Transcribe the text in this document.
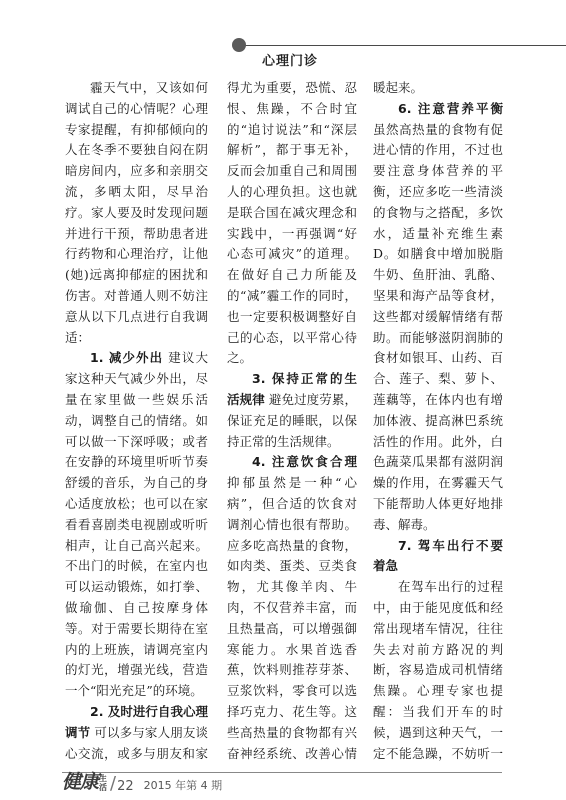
心理门诊

霾天气中，又该如何调试自己的心情呢？心理专家提醒，有抑郁倾向的人在冬季不要独自闷在阴暗房间内，应多和亲朋交流，多晒太阳，尽早治疗。家人要及时发现问题并进行干预，帮助患者进行药物和心理治疗，让他(她)远离抑郁症的困扰和伤害。对普通人则不妨注意从以下几点进行自我调适：

1. 减少外出 建议大家这种天气减少外出，尽量在家里做一些娱乐活动，调整自己的情绪。如可以做一下深呼吸；或者在安静的环境里听听节奏舒缓的音乐，为自己的身心适度放松；也可以在家看看喜剧类电视剧或听听相声，让自己高兴起来。不出门的时候，在室内也可以运动锻炼，如打拳、做瑜伽、自己按摩身体等。对于需要长期待在室内的上班族，请调亮室内的灯光，增强光线，营造一个“阳光充足”的环境。

2. 及时进行自我心理调节 可以多与家人朋友谈心交流，或多与朋友和家

得尤为重要，恐慌、忍恨、焦躁，不合时宜的“追讨说法”和“深层解析”，都于事无补，反而会加重自己和周围人的心理负担。这也就是联合国在减灾理念和实践中，一再强调“好心态可减灾”的道理。在做好自己力所能及的“减”霾工作的同时，也一定要积极调整好自己的心态，以平常心待之。

3. 保持正常的生活规律 避免过度劳累，保证充足的睡眠，以保持正常的生活规律。

4. 注意饮食合理 抑郁虽然是一种“心病”，但合适的饮食对调剂心情也很有帮助。应多吃高热量的食物，如肉类、蛋类、豆类食物，尤其像羊肉、牛肉，不仅营养丰富，而且热量高，可以增强御寒能力。水果首选香蕉，饮料则推荐芽茶、豆浆饮料，零食可以选择巧克力、花生等。这些高热量的食物都有兴奋神经系统、改善心情

暖起来。

6. 注意营养平衡 虽然高热量的食物有促进心情的作用，不过也要注意身体营养的平衡，还应多吃一些清淡的食物与之搭配，多饮水，适量补充维生素D。如膳食中增加脱脂牛奶、鱼肝油、乳酪、坚果和海产品等食材，这些都对缓解情绪有帮助。而能够滋阴润肺的食材如银耳、山药、百合、莲子、梨、萝卜、莲藕等，在体内也有增加体液、提高淋巴系统活性的作用。此外，白色蔬菜瓜果都有滋阴润燥的作用，在雾霾天气下能帮助人体更好地排毒、解毒。

7. 驾车出行不要着急

在驾车出行的过程中，由于能见度低和经常出现堵车情况，往往失去对前方路况的判断，容易造成司机情绪焦躁。心理专家也提醒：当我们开车的时候，遇到这种天气，一定不能急躁，不妨听一

健康 生活 / 22 2015 年第 4 期
